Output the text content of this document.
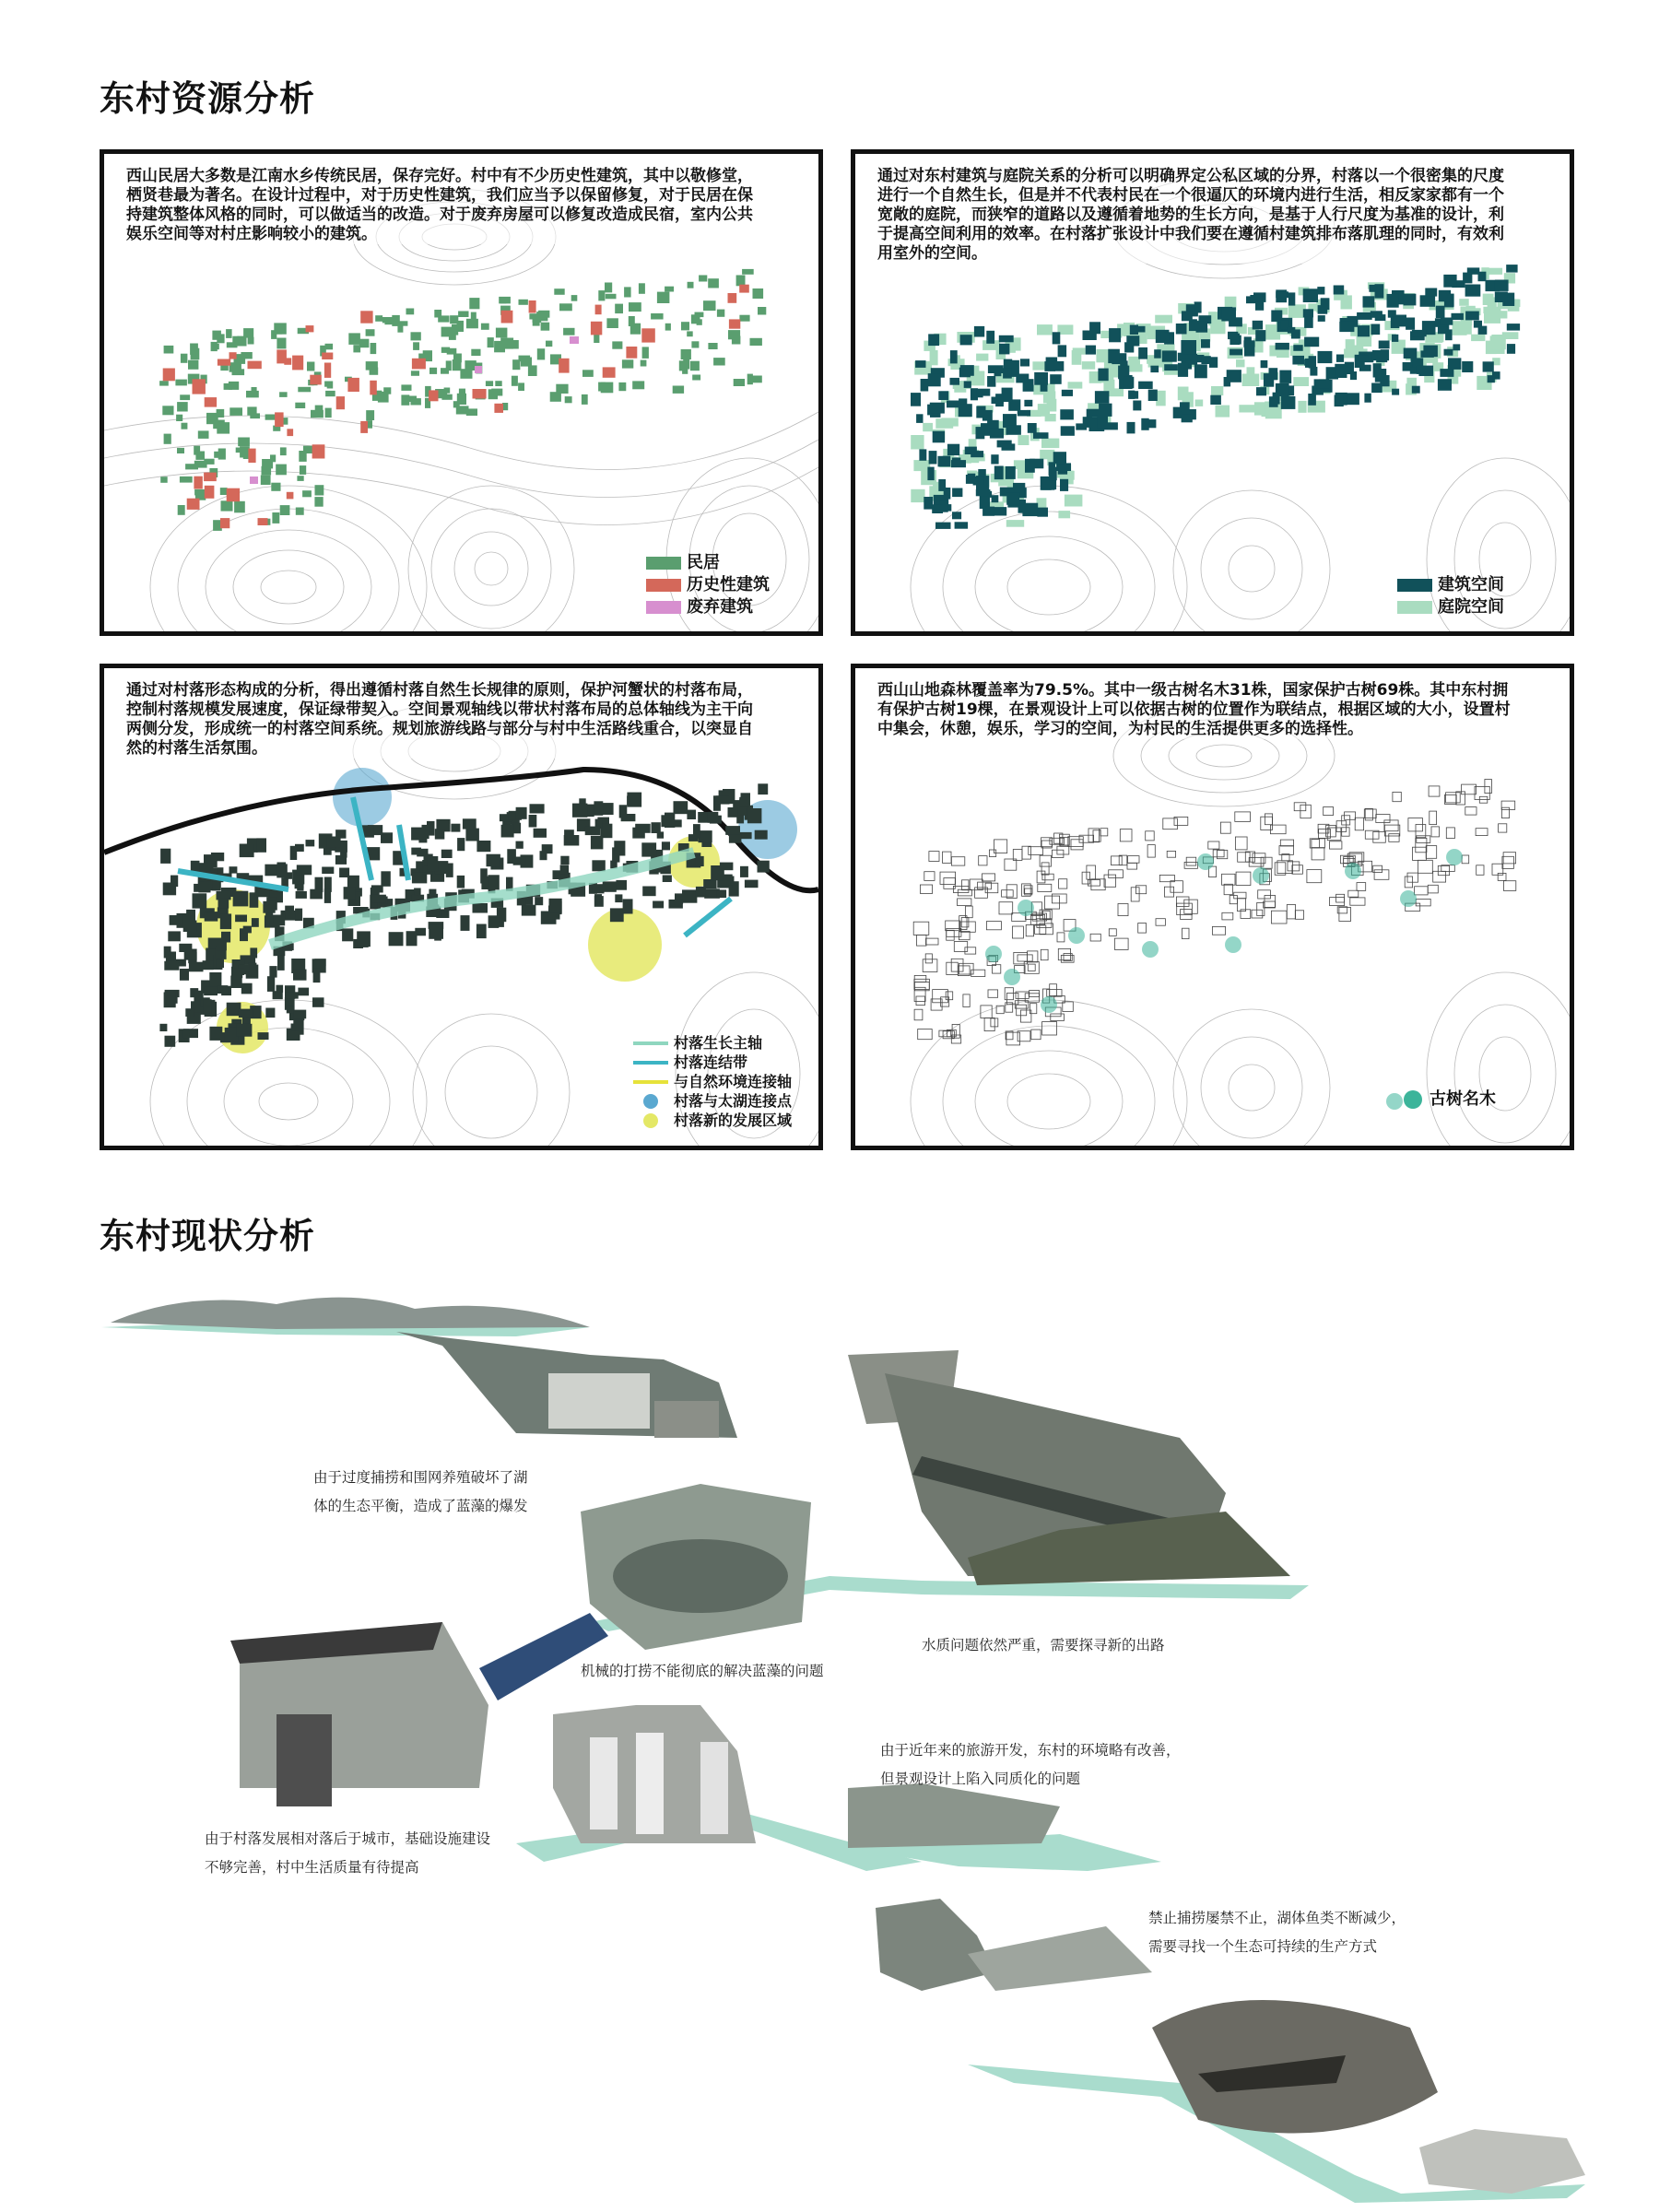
东村资源分析
西山民居大多数是江南水乡传统民居，保存完好。村中有不少历史性建筑，其中以敬修堂，栖贤巷最为著名。在设计过程中，对于历史性建筑，我们应当予以保留修复，对于民居在保持建筑整体风格的同时，可以做适当的改造。对于废弃房屋可以修复改造成民宿，室内公共娱乐空间等对村庄影响较小的建筑。
民居
历史性建筑
废弃建筑
通过对东村建筑与庭院关系的分析可以明确界定公私区域的分界，村落以一个很密集的尺度进行一个自然生长，但是并不代表村民在一个很逼仄的环境内进行生活，相反家家都有一个宽敞的庭院，而狭窄的道路以及遵循着地势的生长方向，是基于人行尺度为基准的设计，利于提高空间利用的效率。在村落扩张设计中我们要在遵循村建筑排布落肌理的同时，有效利用室外的空间。
建筑空间
庭院空间
通过对村落形态构成的分析，得出遵循村落自然生长规律的原则，保护河蟹状的村落布局，控制村落规模发展速度，保证绿带契入。空间景观轴线以带状村落布局的总体轴线为主干向两侧分发，形成统一的村落空间系统。规划旅游线路与部分与村中生活路线重合，以突显自然的村落生活氛围。
村落生长主轴
村落连结带
与自然环境连接轴
村落与太湖连接点
村落新的发展区域
西山山地森林覆盖率为79.5%。其中一级古树名木31株，国家保护古树69株。其中东村拥有保护古树19棵，在景观设计上可以依据古树的位置作为联结点，根据区域的大小，设置村中集会，休憩，娱乐，学习的空间，为村民的生活提供更多的选择性。
古树名木
东村现状分析
由于过度捕捞和围网养殖破坏了湖
体的生态平衡，造成了蓝藻的爆发
机械的打捞不能彻底的解决蓝藻的问题
水质问题依然严重，需要探寻新的出路
由于村落发展相对落后于城市，基础设施建设
不够完善，村中生活质量有待提高
由于近年来的旅游开发，东村的环境略有改善，
但景观设计上陷入同质化的问题
禁止捕捞屡禁不止，湖体鱼类不断减少，
需要寻找一个生态可持续的生产方式
